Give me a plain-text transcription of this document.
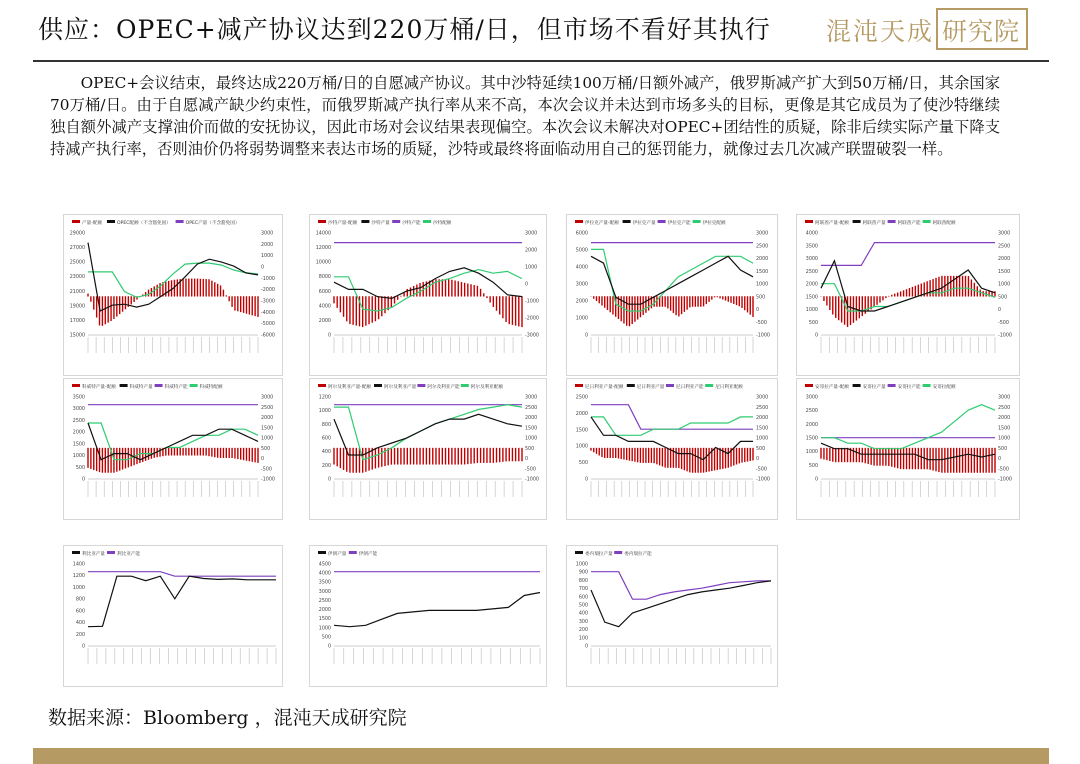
供应：OPEC+减产协议达到220万桶/日，但市场不看好其执行 混沌天成 研究院
OPEC+会议结束，最终达成220万桶/日的自愿减产协议。其中沙特延续100万桶/日额外减产，俄罗斯减产扩大到50万桶/日，其余国家70万桶/日。由于自愿减产缺少约束性，而俄罗斯减产执行率从来不高，本次会议并未达到市场多头的目标，更像是其它成员为了使沙特继续独自额外减产支撑油价而做的安抚协议，因此市场对会议结果表现偏空。本次会议未解决对OPEC+团结性的质疑，除非后续实际产量下降支持减产执行率，否则油价仍将弱势调整来表达市场的质疑，沙特或最终将面临动用自己的惩罚能力，就像过去几次减产联盟破裂一样。
产量-配额	OPEC配额（不含豁免国）	OPEC产量（不含豁免国）
29000
27000
25000
23000
21000
19000
17000
15000
3000
2000
1000
0
-1000
-2000
-3000
-4000
-5000
-6000
沙特产量-配额	沙特产量	沙特产能	沙特配额
14000
12000
10000
8000
6000
4000
2000
0
3000
2000
1000
0
-1000
-2000
-3000
伊拉克产量-配额	伊拉克产量	伊拉克产能	伊拉克配额
6000
5000
4000
3000
2000
1000
0
3000
2500
2000
1500
1000
500
0
-500
-1000
阿联酋产量-配额	阿联酋产量	阿联酋产能	阿联酋配额
4000
3500
3000
2500
2000
1500
1000
500
0
3000
2500
2000
1500
1000
500
0
-500
-1000
科威特产量-配额	科威特产量	科威特产能	科威特配额
3500
3000
2500
2000
1500
1000
500
0
3000
2500
2000
1500
1000
500
0
-500
-1000
阿尔及利亚产量-配额	阿尔及利亚产量 阿尔及利亚产能 阿尔及利亚配额
1200
1000
800
600
400
200
0
3000
2500
2000
1500
1000
500
0
-500
-1000
尼日利亚产量-配额	尼日利亚产量	尼日利亚产能	尼日利亚配额
2500
2000
1500
1000
500
0
3000
2500
2000
1500
1000
500
0
-500
-1000
安哥拉产量-配额	安哥拉产量	安哥拉产能	安哥拉配额
3000
2500
2000
1500
1000
500
0
3000
2500
2000
1500
1000
500
0
-500
-1000
利比亚产量	利比亚产能
1400
1200
1000
800
600
400
200
0
伊朗产量	伊朗产能
4500
4000
3500
3000
2500
2000
1500
1000
500
0
委内瑞拉产量	委内瑞拉产能
1000
900
800
700
600
500
400
300
200
100
0
数据来源：Bloomberg ，混沌天成研究院
